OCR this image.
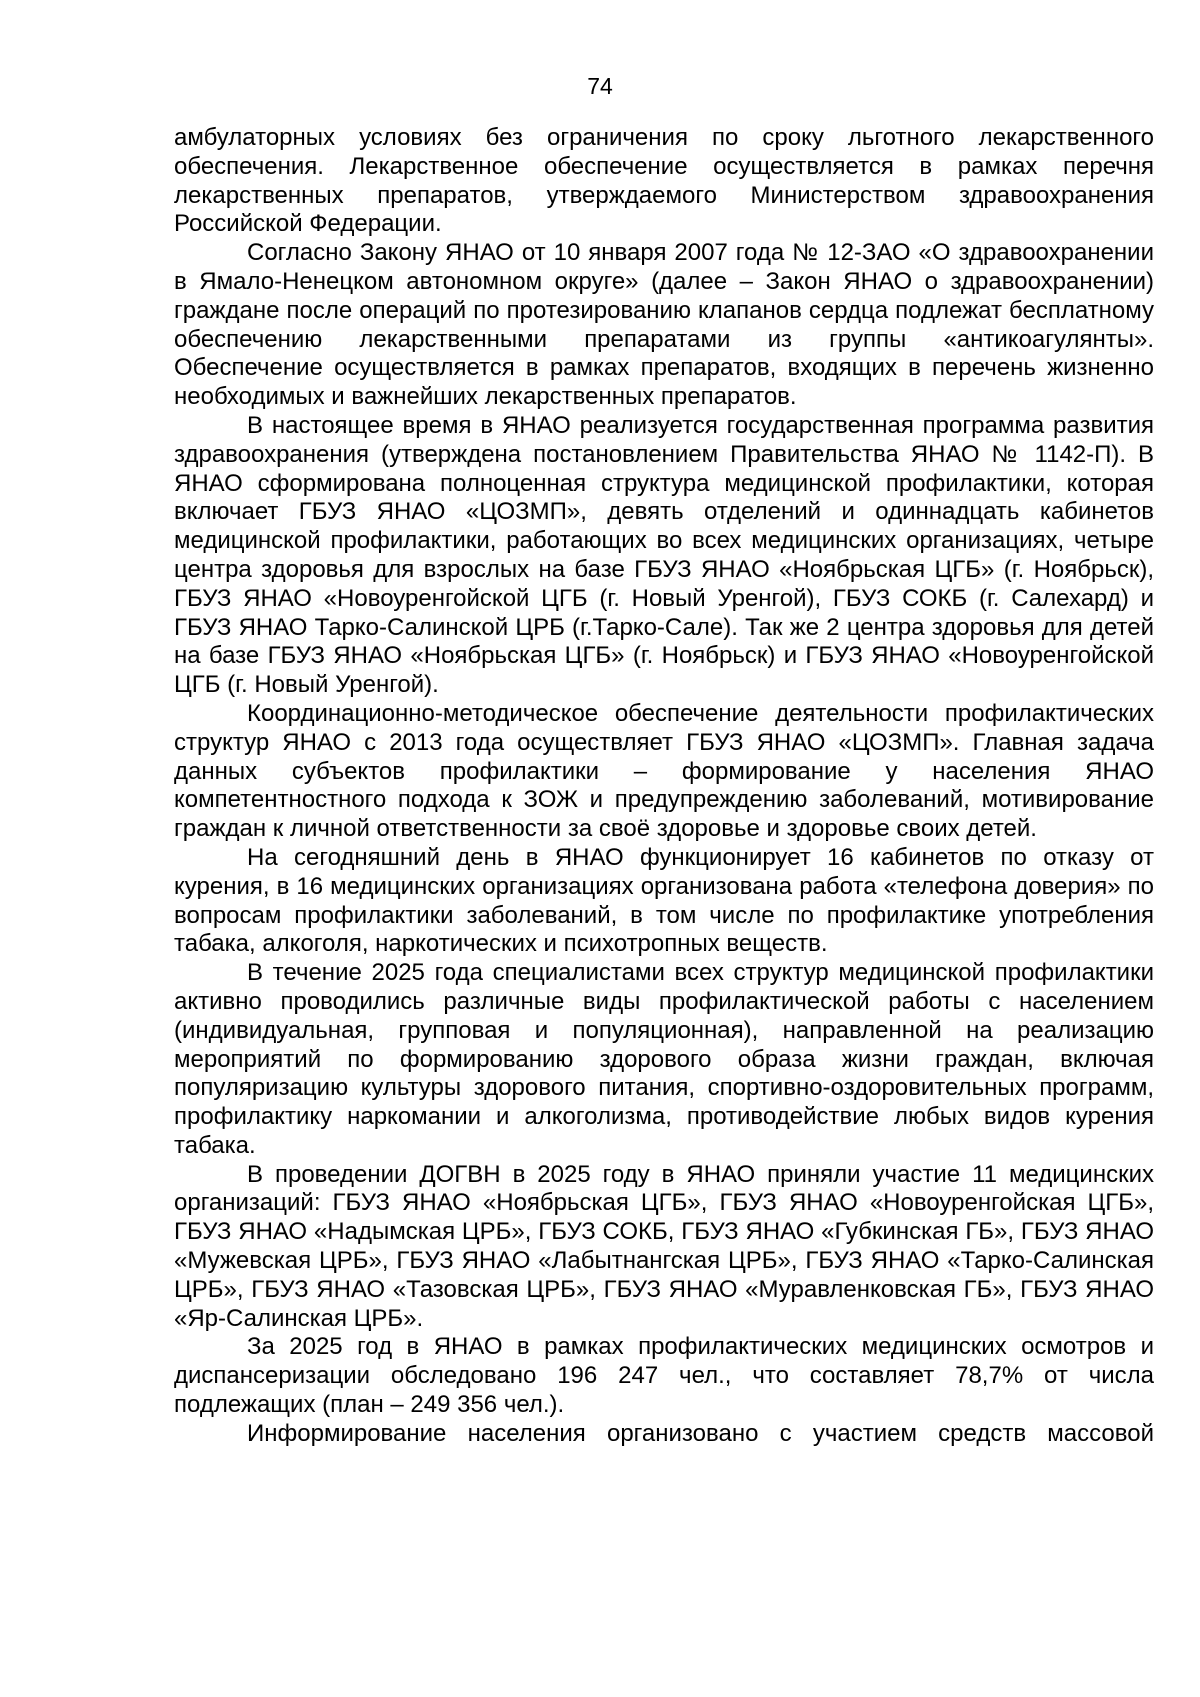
74

амбулаторных условиях без ограничения по сроку льготного лекарственного обеспечения. Лекарственное обеспечение осуществляется в рамках перечня лекарственных препаратов, утверждаемого Министерством здравоохранения Российской Федерации.

Согласно Закону ЯНАО от 10 января 2007 года № 12-ЗАО «О здравоохранении в Ямало-Ненецком автономном округе» (далее – Закон ЯНАО о здравоохранении) граждане после операций по протезированию клапанов сердца подлежат бесплатному обеспечению лекарственными препаратами из группы «антикоагулянты». Обеспечение осуществляется в рамках препаратов, входящих в перечень жизненно необходимых и важнейших лекарственных препаратов.

В настоящее время в ЯНАО реализуется государственная программа развития здравоохранения (утверждена постановлением Правительства ЯНАО № 1142-П). В ЯНАО сформирована полноценная структура медицинской профилактики, которая включает ГБУЗ ЯНАО «ЦОЗМП», девять отделений и одиннадцать кабинетов медицинской профилактики, работающих во всех медицинских организациях, четыре центра здоровья для взрослых на базе ГБУЗ ЯНАО «Ноябрьская ЦГБ» (г. Ноябрьск), ГБУЗ ЯНАО «Новоуренгойской ЦГБ (г. Новый Уренгой), ГБУЗ СОКБ (г. Салехард) и ГБУЗ ЯНАО Тарко-Салинской ЦРБ (г.Тарко-Сале). Так же 2 центра здоровья для детей на базе ГБУЗ ЯНАО «Ноябрьская ЦГБ» (г. Ноябрьск) и ГБУЗ ЯНАО «Новоуренгойской ЦГБ (г. Новый Уренгой).

Координационно-методическое обеспечение деятельности профилактических структур ЯНАО с 2013 года осуществляет ГБУЗ ЯНАО «ЦОЗМП». Главная задача данных субъектов профилактики – формирование у населения ЯНАО компетентностного подхода к ЗОЖ и предупреждению заболеваний, мотивирование граждан к личной ответственности за своё здоровье и здоровье своих детей.

На сегодняшний день в ЯНАО функционирует 16 кабинетов по отказу от курения, в 16 медицинских организациях организована работа «телефона доверия» по вопросам профилактики заболеваний, в том числе по профилактике употребления табака, алкоголя, наркотических и психотропных веществ.

В течение 2025 года специалистами всех структур медицинской профилактики активно проводились различные виды профилактической работы с населением (индивидуальная, групповая и популяционная), направленной на реализацию мероприятий по формированию здорового образа жизни граждан, включая популяризацию культуры здорового питания, спортивно-оздоровительных программ, профилактику наркомании и алкоголизма, противодействие любых видов курения табака.

В проведении ДОГВН в 2025 году в ЯНАО приняли участие 11 медицинских организаций: ГБУЗ ЯНАО «Ноябрьская ЦГБ», ГБУЗ ЯНАО «Новоуренгойская ЦГБ», ГБУЗ ЯНАО «Надымская ЦРБ», ГБУЗ СОКБ, ГБУЗ ЯНАО «Губкинская ГБ», ГБУЗ ЯНАО «Мужевская ЦРБ», ГБУЗ ЯНАО «Лабытнангская ЦРБ», ГБУЗ ЯНАО «Тарко-Салинская ЦРБ», ГБУЗ ЯНАО «Тазовская ЦРБ», ГБУЗ ЯНАО «Муравленковская ГБ», ГБУЗ ЯНАО «Яр-Салинская ЦРБ».

За 2025 год в ЯНАО в рамках профилактических медицинских осмотров и диспансеризации обследовано 196 247 чел., что составляет 78,7% от числа подлежащих (план – 249 356 чел.).

Информирование населения организовано с участием средств массовой
